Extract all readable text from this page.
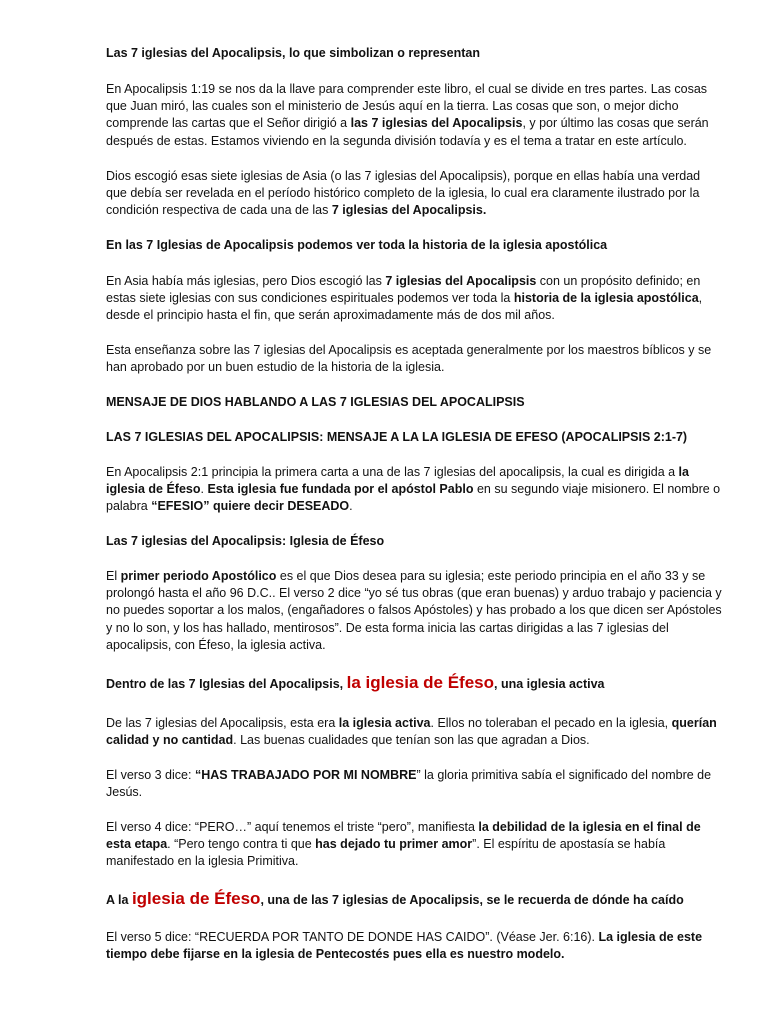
Las 7 iglesias del Apocalipsis, lo que simbolizan o representan

En Apocalipsis 1:19 se nos da la llave para comprender este libro, el cual se divide en tres partes. Las cosas que Juan miró, las cuales son el ministerio de Jesús aquí en la tierra. Las cosas que son, o mejor dicho comprende las cartas que el Señor dirigió a las 7 iglesias del Apocalipsis, y por último las cosas que serán después de estas. Estamos viviendo en la segunda división todavía y es el tema a tratar en este artículo.

Dios escogió esas siete iglesias de Asia (o las 7 iglesias del Apocalipsis), porque en ellas había una verdad que debía ser revelada en el período histórico completo de la iglesia, lo cual era claramente ilustrado por la condición respectiva de cada una de las 7 iglesias del Apocalipsis.

En las 7 Iglesias de Apocalipsis podemos ver toda la historia de la iglesia apostólica

En Asia había más iglesias, pero Dios escogió las 7 iglesias del Apocalipsis con un propósito definido; en estas siete iglesias con sus condiciones espirituales podemos ver toda la historia de la iglesia apostólica, desde el principio hasta el fin, que serán aproximadamente más de dos mil años.

Esta enseñanza sobre las 7 iglesias del Apocalipsis es aceptada generalmente por los maestros bíblicos y se han aprobado por un buen estudio de la historia de la iglesia.

MENSAJE DE DIOS HABLANDO A LAS 7 IGLESIAS DEL APOCALIPSIS

LAS 7 IGLESIAS DEL APOCALIPSIS: MENSAJE A LA LA IGLESIA DE EFESO (APOCALIPSIS 2:1-7)

En Apocalipsis 2:1 principia la primera carta a una de las 7 iglesias del apocalipsis, la cual es dirigida a la iglesia de Éfeso. Esta iglesia fue fundada por el apóstol Pablo en su segundo viaje misionero. El nombre o palabra “EFESIO” quiere decir DESEADO.

Las 7 iglesias del Apocalipsis: Iglesia de Éfeso

El primer periodo Apostólico es el que Dios desea para su iglesia; este periodo principia en el año 33 y se prolongó hasta el año 96 D.C.. El verso 2 dice “yo sé tus obras (que eran buenas) y arduo trabajo y paciencia y no puedes soportar a los malos, (engañadores o falsos Apóstoles) y has probado a los que dicen ser Apóstoles y no lo son, y los has hallado, mentirosos”. De esta forma inicia las cartas dirigidas a las 7 iglesias del apocalipsis, con Éfeso, la iglesia activa.

Dentro de las 7 Iglesias del Apocalipsis, la iglesia de Éfeso, una iglesia activa

De las 7 iglesias del Apocalipsis, esta era la iglesia activa. Ellos no toleraban el pecado en la iglesia, querían calidad y no cantidad. Las buenas cualidades que tenían son las que agradan a Dios.

El verso 3 dice: “HAS TRABAJADO POR MI NOMBRE” la gloria primitiva sabía el significado del nombre de Jesús.

El verso 4 dice: “PERO…” aquí tenemos el triste “pero”, manifiesta la debilidad de la iglesia en el final de esta etapa. “Pero tengo contra ti que has dejado tu primer amor”. El espíritu de apostasía se había manifestado en la iglesia Primitiva.

A la iglesia de Éfeso, una de las 7 iglesias de Apocalipsis, se le recuerda de dónde ha caído

El verso 5 dice: “RECUERDA POR TANTO DE DONDE HAS CAIDO”. (Véase Jer. 6:16). La iglesia de este tiempo debe fijarse en la iglesia de Pentecostés pues ella es nuestro modelo.
